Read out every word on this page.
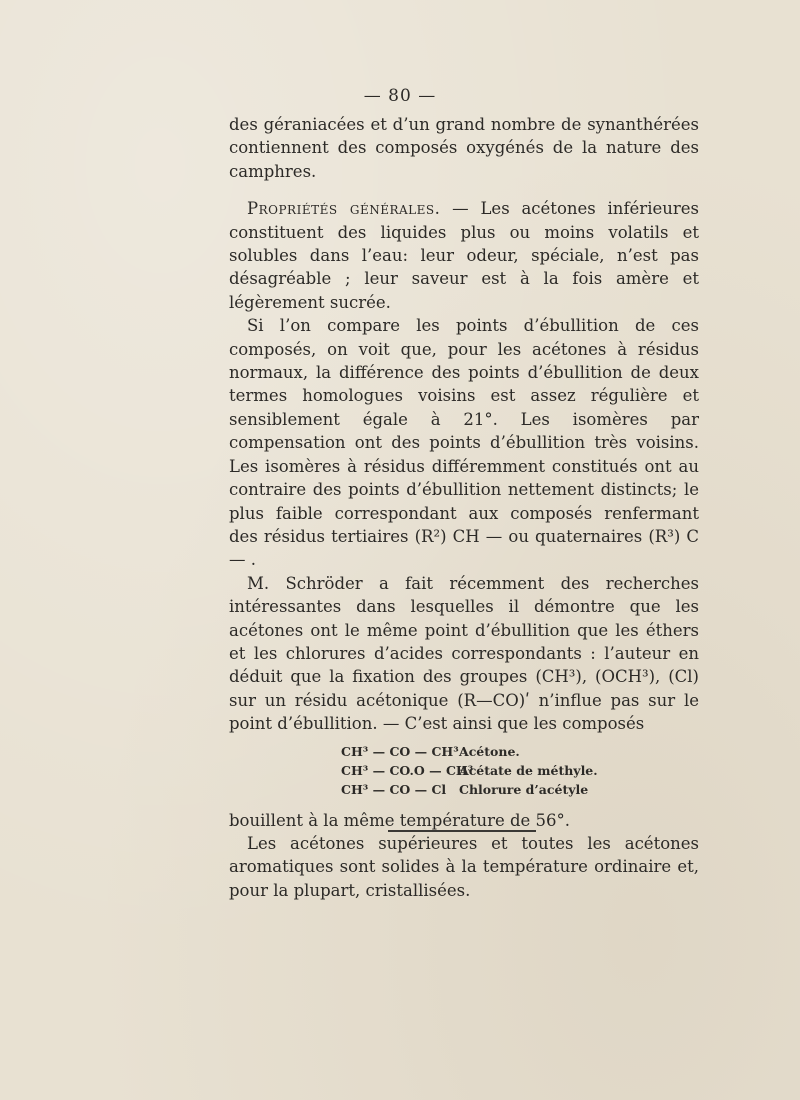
— 80 —

des géraniacées et d’un grand nombre de synanthérées contiennent des composés oxygénés de la nature des camphres.

Propriétés générales. — Les acétones inférieures constituent des liquides plus ou moins volatils et solubles dans l’eau: leur odeur, spéciale, n’est pas désagréable ; leur saveur est à la fois amère et légèrement sucrée.

Si l’on compare les points d’ébullition de ces composés, on voit que, pour les acétones à résidus normaux, la différence des points d’ébullition de deux termes homologues voisins est assez régulière et sensiblement égale à 21°. Les isomères par compensation ont des points d’ébullition très voisins. Les isomères à résidus différemment constitués ont au contraire des points d’ébullition nettement distincts; le plus faible correspondant aux composés renfermant des résidus tertiaires (R²) CH — ou quaternaires (R³) C — .

M. Schröder a fait récemment des recherches intéressantes dans lesquelles il démontre que les acétones ont le même point d’ébullition que les éthers et les chlorures d’acides correspondants : l’auteur en déduit que la fixation des groupes (CH³), (OCH³), (Cl) sur un résidu acétonique (R—CO)ʹ n’influe pas sur le point d’ébullition. — C’est ainsi que les composés

CH³ — CO — CH³ Acétone.
CH³ — CO.O — CH³
Acétate de méthyle.
CH³ — CO — Cl	Chlorure d’acétyle

bouillent à la même température de 56°.

Les acétones supérieures et toutes les acétones aromatiques sont solides à la température ordinaire et, pour la plupart, cristallisées.
